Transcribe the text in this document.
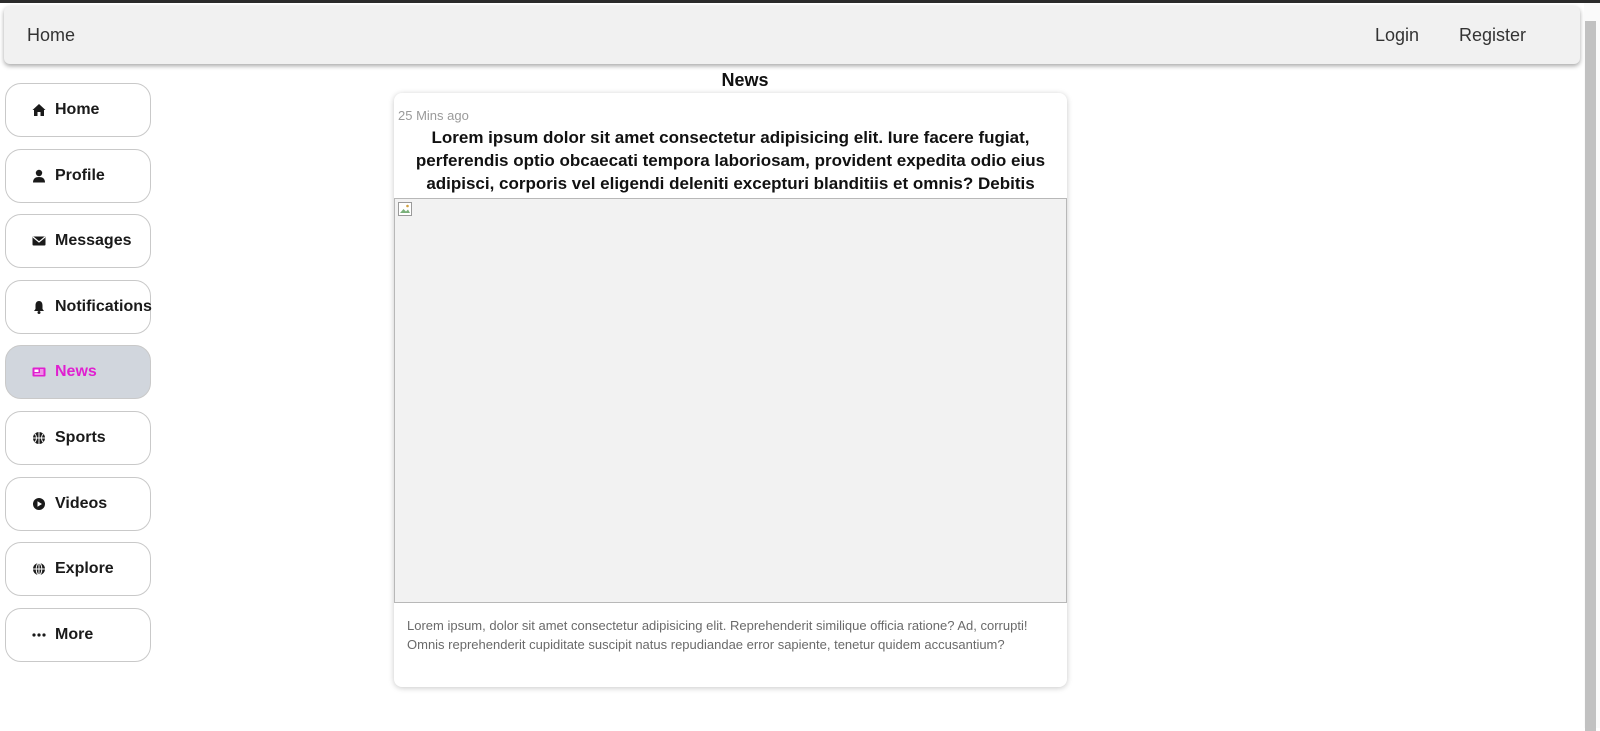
Home	Login Register
Home
Profile
Messages
Notifications
News
Sports
Videos
Explore
More
News
25 Mins ago
Lorem ipsum dolor sit amet consectetur adipisicing elit. Iure facere fugiat, perferendis optio obcaecati tempora laboriosam, provident expedita odio eius adipisci, corporis vel eligendi deleniti excepturi blanditiis et omnis? Debitis

Lorem ipsum, dolor sit amet consectetur adipisicing elit. Reprehenderit similique officia ratione? Ad, corrupti! Omnis reprehenderit cupiditate suscipit natus repudiandae error sapiente, tenetur quidem accusantium?
